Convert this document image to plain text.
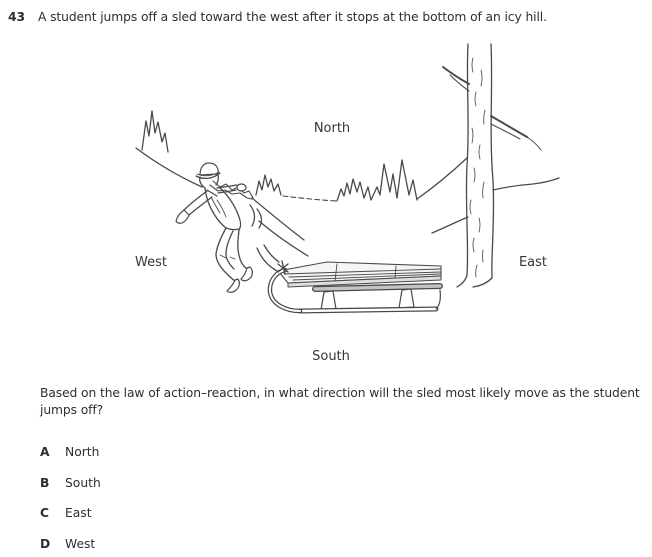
43	A student jumps off a sled toward the west after it stops at the bottom of an icy hill.
North
West	East
South
Based on the law of action–reaction, in what direction will the sled most likely move as the student jumps off?
A	North
B	South
C	East
D	West
